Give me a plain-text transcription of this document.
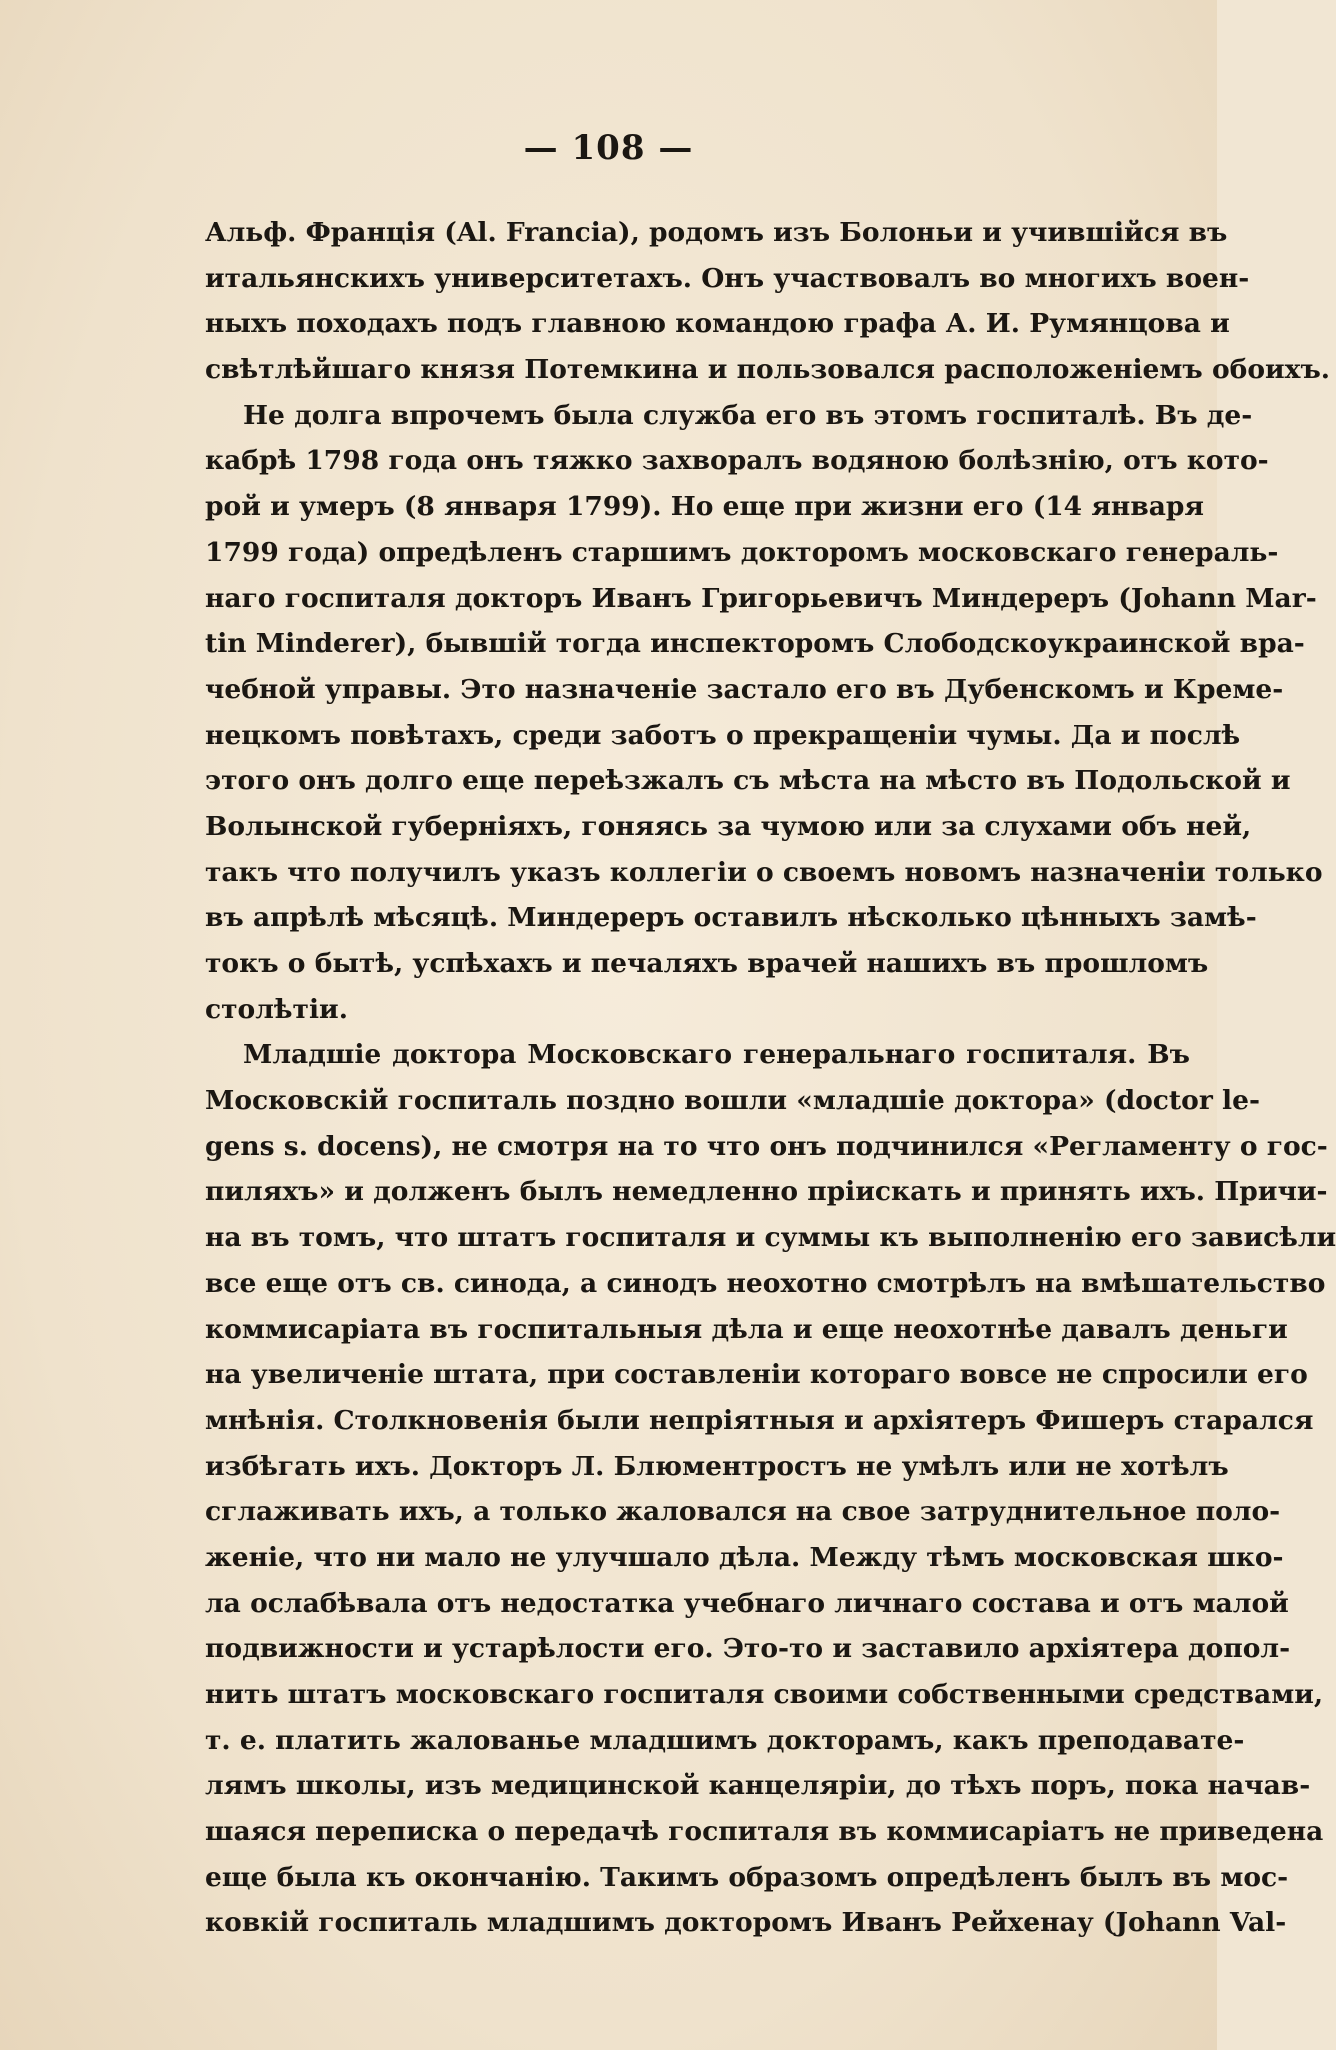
— 108 —
Альф. Францiя (Al. Francia), родомъ изъ Болоньи и учившiйся въ
итальянскихъ университетахъ. Онъ участвовалъ во многихъ воен-
ныхъ походахъ подъ главною командою графа А. И. Румянцова и
свѣтлѣйшаго князя Потемкина и пользовался расположенiемъ обоихъ.
Не долга впрочемъ была служба его въ этомъ госпиталѣ. Въ де-
кабрѣ 1798 года онъ тяжко захворалъ водяною болѣзнiю, отъ кото-
рой и умеръ (8 января 1799). Но еще при жизни его (14 января
1799 года) опредѣленъ старшимъ докторомъ московскаго генераль-
наго госпиталя докторъ Иванъ Григорьевичъ Миндереръ (Johann Mar-
tin Minderer), бывшiй тогда инспекторомъ Слободскоукраинской вра-
чебной управы. Это назначенiе застало его въ Дубенскомъ и Креме-
нецкомъ повѣтахъ, среди заботъ о прекращенiи чумы. Да и послѣ
этого онъ долго еще переѣзжалъ съ мѣста на мѣсто въ Подольской и
Волынской губернiяхъ, гоняясь за чумою или за слухами объ ней,
такъ что получилъ указъ коллегiи о своемъ новомъ назначенiи только
въ апрѣлѣ мѣсяцѣ. Миндереръ оставилъ нѣсколько цѣнныхъ замѣ-
токъ о бытѣ, успѣхахъ и печаляхъ врачей нашихъ въ прошломъ
столѣтiи.
Младшiе доктора Московскаго генеральнаго госпиталя. Въ
Московскiй госпиталь поздно вошли «младшiе доктора» (doctor le-
gens s. docens), не смотря на то что онъ подчинился «Регламенту о гос-
пиляхъ» и долженъ былъ немедленно прiискать и принять ихъ. Причи-
на въ томъ, что штатъ госпиталя и суммы къ выполненiю его зависѣли
все еще отъ св. синода, а синодъ неохотно смотрѣлъ на вмѣшательство
коммисарiата въ госпитальныя дѣла и еще неохотнѣе давалъ деньги
на увеличенiе штата, при составленiи котораго вовсе не спросили его
мнѣнiя. Столкновенiя были непрiятныя и архiятеръ Фишеръ старался
избѣгать ихъ. Докторъ Л. Блюментростъ не умѣлъ или не хотѣлъ
сглаживать ихъ, а только жаловался на свое затруднительное поло-
женiе, что ни мало не улучшало дѣла. Между тѣмъ московская шко-
ла ослабѣвала отъ недостатка учебнаго личнаго состава и отъ малой
подвижности и устарѣлости его. Это-то и заставило архiятера допол-
нить штатъ московскаго госпиталя своими собственными средствами,
т. е. платить жалованье младшимъ докторамъ, какъ преподавате-
лямъ школы, изъ медицинской канцелярiи, до тѣхъ поръ, пока начав-
шаяся переписка о передачѣ госпиталя въ коммисарiатъ не приведена
еще была къ окончанiю. Такимъ образомъ опредѣленъ былъ въ мос-
ковкiй госпиталь младшимъ докторомъ Иванъ Рейхенау (Johann Val-
